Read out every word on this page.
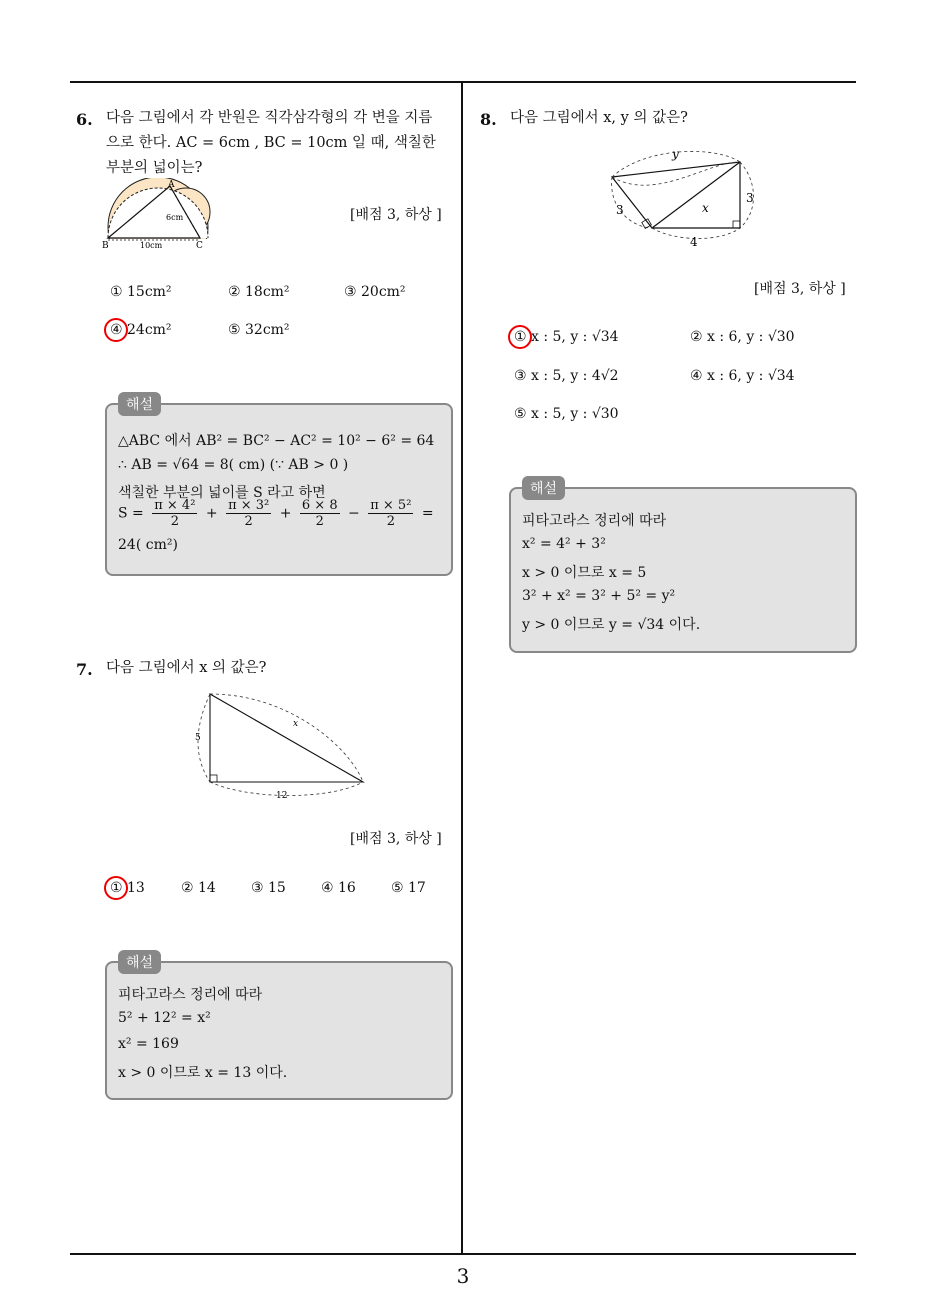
6. 다음 그림에서 각 반원은 직각삼각형의 각 변을 지름
으로 한다. AC = 6cm , BC = 10cm 일 때, 색칠한
부분의 넓이는?
A
B	C
6cm
10cm
[배점 3, 하상 ]
① 15cm²	② 18cm²	③ 20cm²
④ 24cm²	⑤ 32cm²
해설
△ABC 에서 AB² = BC² − AC² = 10² − 6² = 64
∴ AB = √64 = 8( cm) (∵ AB > 0 )
색칠한 부분의 넓이를 S 라고 하면
$S = \frac{\text{π × 4²}}{2} + \frac{\text{π × 3²}}{2} + \frac{6 \times 8}{2} - \frac{\text{π × 5²}}{2}$ =
24( cm²)
7. 다음 그림에서 x 의 값은?
5
x
12
[배점 3, 하상 ]
① 13	② 14	③ 15	④ 16	⑤ 17
해설
피타고라스 정리에 따라
5² + 12² = x²
x² = 169
x > 0 이므로 x = 13 이다.
8. 다음 그림에서 x, y 의 값은?
y
3
3
x
4
[배점 3, 하상 ]
① x : 5, y : √34	② x : 6, y : √30
③ x : 5, y : 4√2	④ x : 6, y : √34
⑤ x : 5, y : √30
해설
피타고라스 정리에 따라
x² = 4² + 3²
x > 0 이므로 x = 5
3² + x² = 3² + 5² = y²
y > 0 이므로 y = √34 이다.
3
